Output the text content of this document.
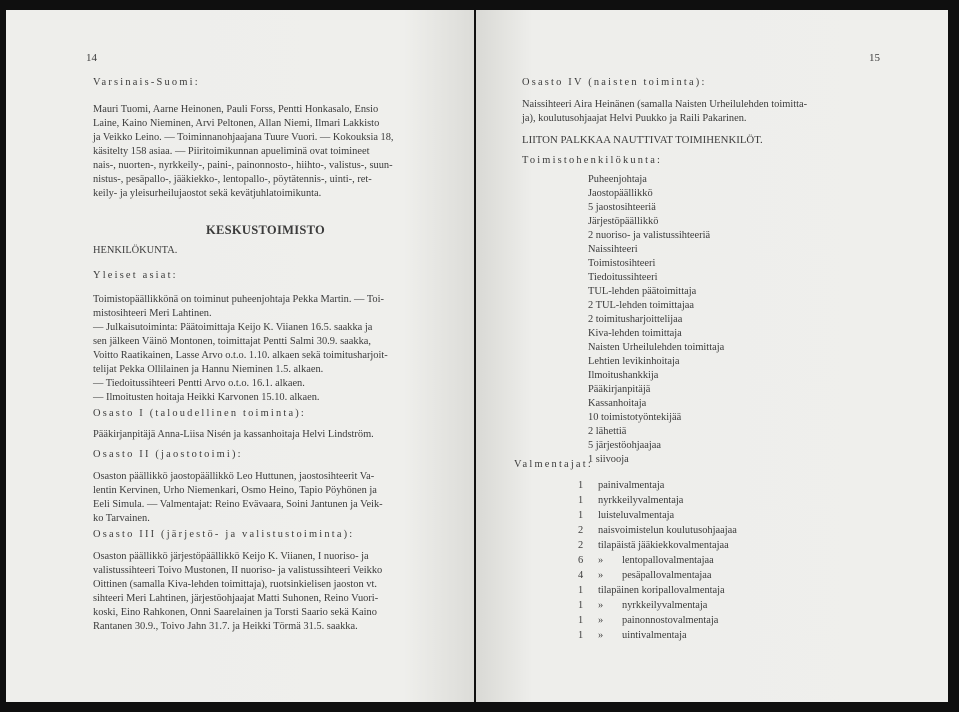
14
Varsinais-Suomi:
Mauri Tuomi, Aarne Heinonen, Pauli Forss, Pentti Honkasalo, Ensio
Laine, Kaino Nieminen, Arvi Peltonen, Allan Niemi, Ilmari Lakkisto
ja Veikko Leino. — Toiminnanohjaajana Tuure Vuori. — Kokouksia 18,
käsitelty 158 asiaa. — Piiritoimikunnan apueliminä ovat toimineet
nais-, nuorten-, nyrkkeily-, paini-, painonnosto-, hiihto-, valistus-, suun-
nistus-, pesäpallo-, jääkiekko-, lentopallo-, pöytätennis-, uinti-, ret-
keily- ja yleisurheilujaostot sekä kevätjuhlatoimikunta.
KESKUSTOIMISTO
HENKILÖKUNTA.
Yleiset asiat:
Toimistopäällikkönä on toiminut puheenjohtaja Pekka Martin. — Toi-
mistosihteeri Meri Lahtinen.
— Julkaisutoiminta: Päätoimittaja Keijo K. Viianen 16.5. saakka ja
sen jälkeen Väinö Montonen, toimittajat Pentti Salmi 30.9. saakka,
Voitto Raatikainen, Lasse Arvo o.t.o. 1.10. alkaen sekä toimitusharjoit-
telijat Pekka Ollilainen ja Hannu Nieminen 1.5. alkaen.
— Tiedoitussihteeri Pentti Arvo o.t.o. 16.1. alkaen.
— Ilmoitusten hoitaja Heikki Karvonen 15.10. alkaen.
Osasto I (taloudellinen toiminta):
Pääkirjanpitäjä Anna-Liisa Nisén ja kassanhoitaja Helvi Lindström.
Osasto II (jaostotoimi):
Osaston päällikkö jaostopäällikkö Leo Huttunen, jaostosihteerit Va-
lentin Kervinen, Urho Niemenkari, Osmo Heino, Tapio Pöyhönen ja
Eeli Simula. — Valmentajat: Reino Evävaara, Soini Jantunen ja Veik-
ko Tarvainen.
Osasto III (järjestö- ja valistustoiminta):
Osaston päällikkö järjestöpäällikkö Keijo K. Viianen, I nuoriso- ja
valistussihteeri Toivo Mustonen, II nuoriso- ja valistussihteeri Veikko
Oittinen (samalla Kiva-lehden toimittaja), ruotsinkielisen jaoston vt.
sihteeri Meri Lahtinen, järjestöohjaajat Matti Suhonen, Reino Vuori-
koski, Eino Rahkonen, Onni Saarelainen ja Torsti Saario sekä Kaino
Rantanen 30.9., Toivo Jahn 31.7. ja Heikki Törmä 31.5. saakka.
15
Osasto IV (naisten toiminta):
Naissihteeri Aira Heinänen (samalla Naisten Urheilulehden toimitta-
ja), koulutusohjaajat Helvi Puukko ja Raili Pakarinen.
LIITON PALKKAA NAUTTIVAT TOIMIHENKILÖT.
Toimistohenkilökunta:
Puheenjohtaja
Jaostopäällikkö
5 jaostosihteeriä
Järjestöpäällikkö
2 nuoriso- ja valistussihteeriä
Naissihteeri
Toimistosihteeri
Tiedoitussihteeri
TUL-lehden päätoimittaja
2 TUL-lehden toimittajaa
2 toimitusharjoittelijaa
Kiva-lehden toimittaja
Naisten Urheilulehden toimittaja
Lehtien levikinhoitaja
Ilmoitushankkija
Pääkirjanpitäjä
Kassanhoitaja
10 toimistotyöntekijää
2 lähettiä
5 järjestöohjaajaa
1 siivooja
Valmentajat:
1 painivalmentaja
1 nyrkkeilyvalmentaja
1 luisteluvalmentaja
2 naisvoimistelun koulutusohjaajaa
2 tilapäistä jääkiekkovalmentajaa
6 » lentopallovalmentajaa
4 » pesäpallovalmentajaa
1 tilapäinen koripallovalmentaja
1 » nyrkkeilyvalmentaja
1 » painonnostovalmentaja
1 » uintivalmentaja
